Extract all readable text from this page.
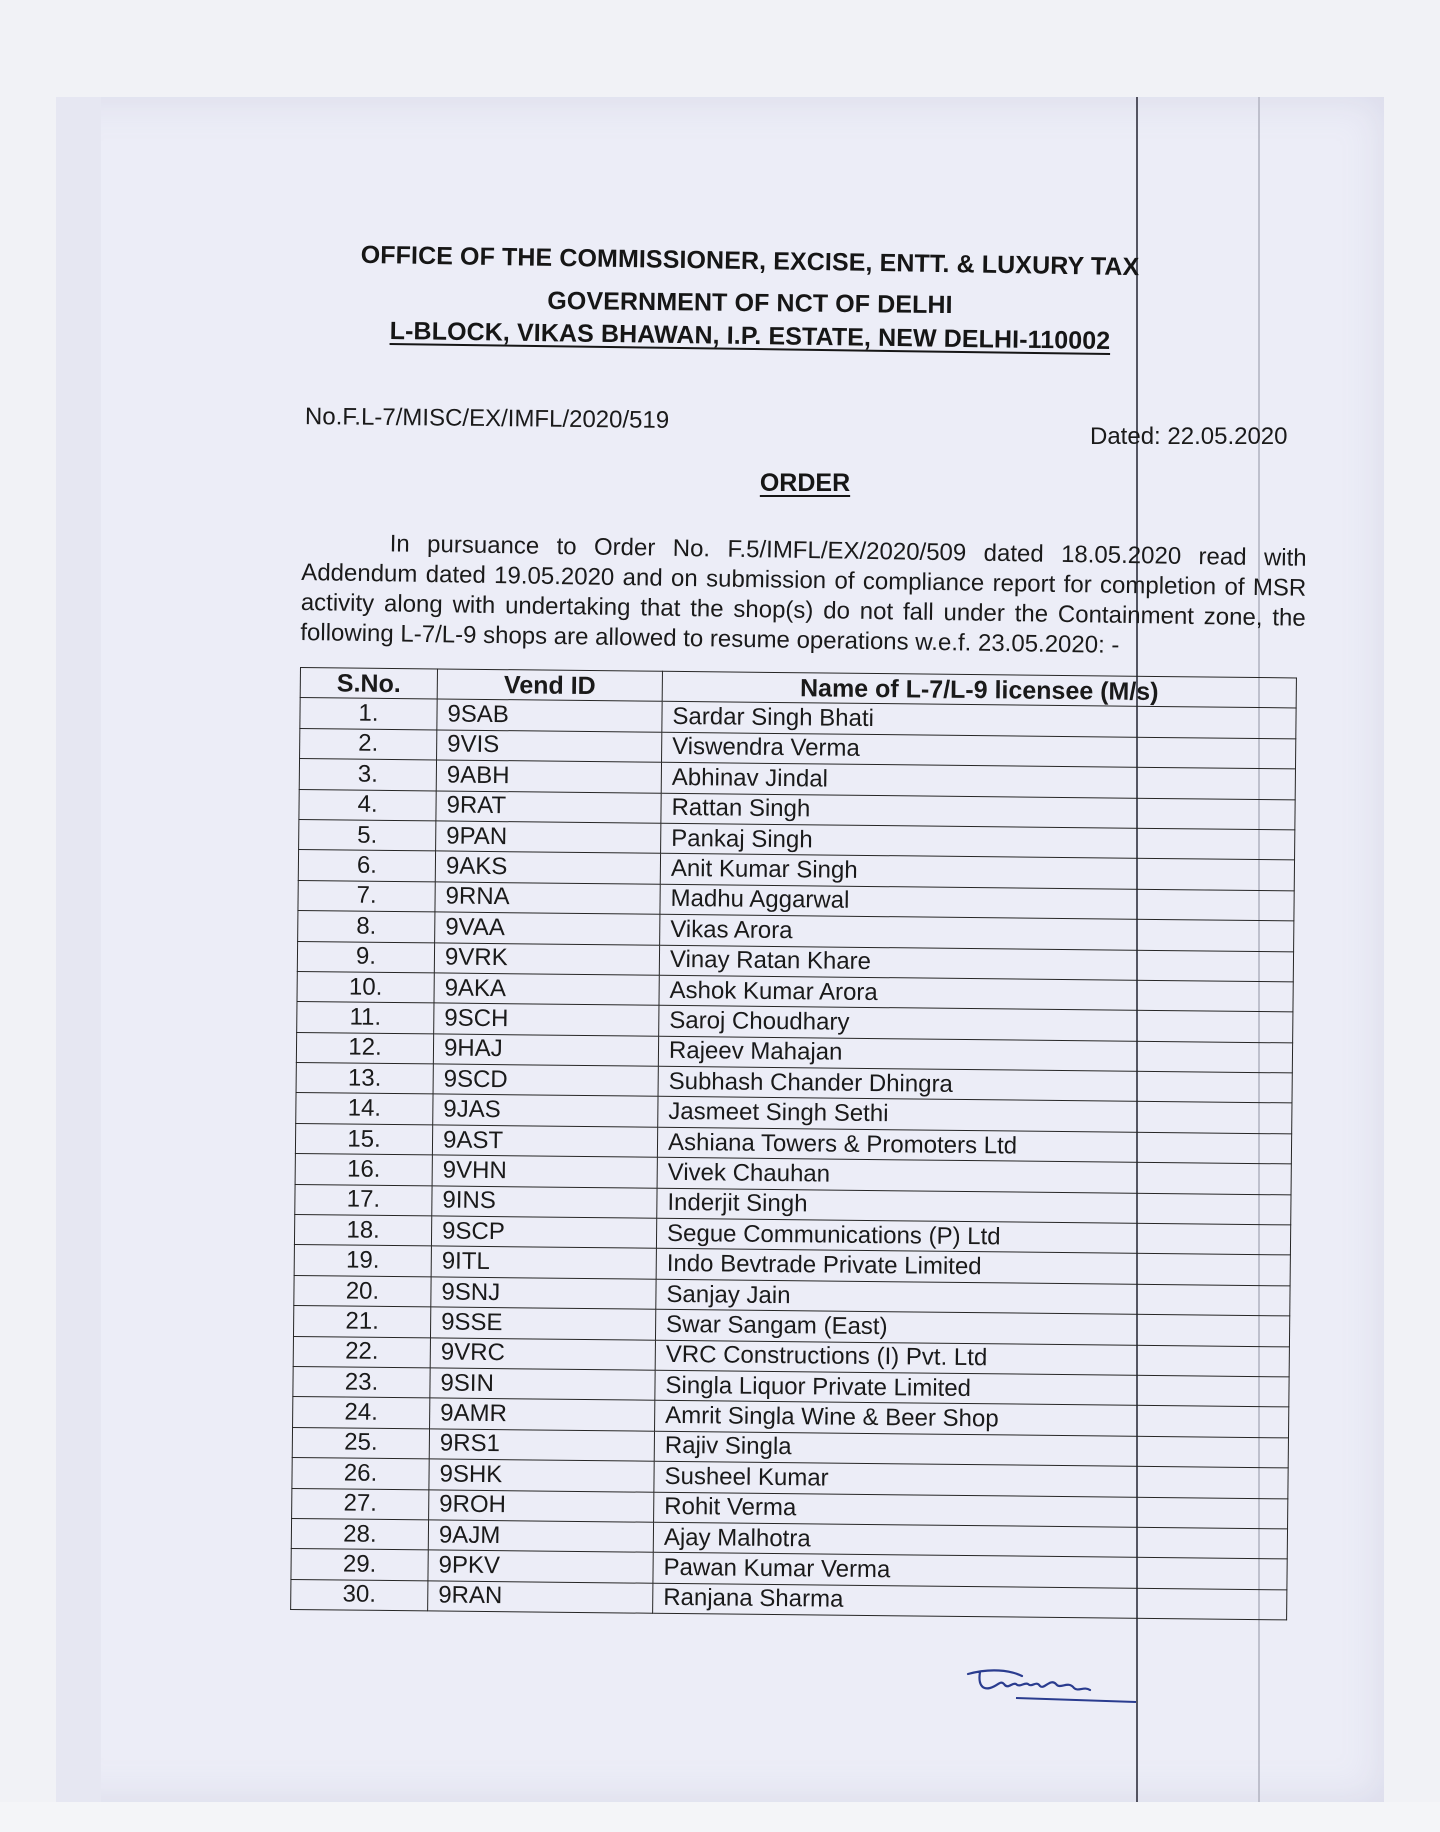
OFFICE OF THE COMMISSIONER, EXCISE, ENTT. & LUXURY TAX
GOVERNMENT OF NCT OF DELHI
L-BLOCK, VIKAS BHAWAN, I.P. ESTATE, NEW DELHI-110002
No.F.L-7/MISC/EX/IMFL/2020/519
Dated: 22.05.2020
ORDER
In pursuance to Order No. F.5/IMFL/EX/2020/509 dated 18.05.2020 read with Addendum dated 19.05.2020 and on submission of compliance report for completion of MSR activity along with undertaking that the shop(s) do not fall under the Containment zone, the following L-7/L-9 shops are allowed to resume operations w.e.f. 23.05.2020: -
S.No.	Vend ID	Name of L-7/L-9 licensee (M/s)
1.	9SAB	Sardar Singh Bhati
2.	9VIS	Viswendra Verma
3.	9ABH	Abhinav Jindal
4.	9RAT	Rattan Singh
5.	9PAN	Pankaj Singh
6.	9AKS	Anit Kumar Singh
7.	9RNA	Madhu Aggarwal
8.	9VAA	Vikas Arora
9.	9VRK	Vinay Ratan Khare
10.	9AKA	Ashok Kumar Arora
11.	9SCH	Saroj Choudhary
12.	9HAJ	Rajeev Mahajan
13.	9SCD	Subhash Chander Dhingra
14.	9JAS	Jasmeet Singh Sethi
15.	9AST	Ashiana Towers & Promoters Ltd
16.	9VHN	Vivek Chauhan
17.	9INS	Inderjit Singh
18.	9SCP	Segue Communications (P) Ltd
19.	9ITL	Indo Bevtrade Private Limited
20.	9SNJ	Sanjay Jain
21.	9SSE	Swar Sangam (East)
22.	9VRC	VRC Constructions (I) Pvt. Ltd
23.	9SIN	Singla Liquor Private Limited
24.	9AMR	Amrit Singla Wine & Beer Shop
25.	9RS1	Rajiv Singla
26.	9SHK	Susheel Kumar
27.	9ROH	Rohit Verma
28.	9AJM	Ajay Malhotra
29.	9PKV	Pawan Kumar Verma
30.	9RAN	Ranjana Sharma
